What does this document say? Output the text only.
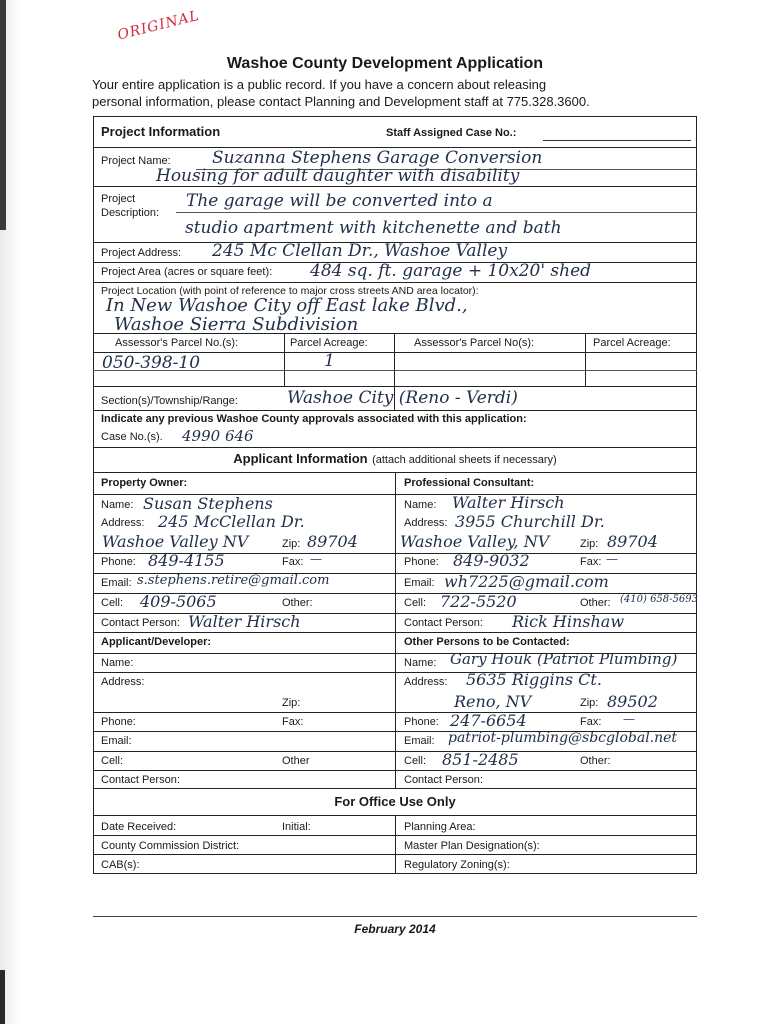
ORIGINAL
Washoe County Development Application
Your entire application is a public record. If you have a concern about releasing
personal information, please contact Planning and Development staff at 775.328.3600.
Project Information	Staff Assigned Case No.:
Project Name: Suzanna Stephens Garage Conversion
Housing for adult daughter with disability
Project
Description:
The garage will be converted into a
studio apartment with kitchenette and bath
Project Address: 245 Mc Clellan Dr., Washoe Valley
Project Area (acres or square feet): 484 sq. ft. garage + 10x20' shed
Project Location (with point of reference to major cross streets AND area locator):
In New Washoe City off East lake Blvd.,
Washoe Sierra Subdivision
Assessor's Parcel No.(s):	Parcel Acreage:	Assessor's Parcel No(s):	Parcel Acreage:
050-398-10	1
Section(s)/Township/Range:	Washoe City (Reno - Verdi)
Indicate any previous Washoe County approvals associated with this application:
Case No.(s). 4990 646
Applicant Information (attach additional sheets if necessary)
Property Owner:
Name: Susan Stephens
Address: 245 McClellan Dr.
Washoe Valley NV	Zip: 89704
Phone: 849-4155	Fax: —
Email: s.stephens.retire@gmail.com
Cell: 409-5065	Other:
Contact Person: Walter Hirsch
Professional Consultant:
Name: Walter Hirsch
Address: 3955 Churchill Dr.
Washoe Valley, NV	Zip: 89704
Phone: 849-9032	Fax: —
Email: wh7225@gmail.com
Cell: 722-5520	Other: (410) 658-5693
Contact Person: Rick Hinshaw
Applicant/Developer:
Name:
Address:
Zip:
Phone:	Fax:
Email:
Cell:	Other
Contact Person:
Other Persons to be Contacted:
Name: Gary Houk (Patriot Plumbing)
Address: 5635 Riggins Ct.
Reno, NV	Zip: 89502
Phone: 247-6654	Fax: —
Email: patriot-plumbing@sbcglobal.net
Cell: 851-2485	Other:
Contact Person:
For Office Use Only
Date Received:	Initial:	Planning Area:
County Commission District:	Master Plan Designation(s):
CAB(s):	Regulatory Zoning(s):
February 2014
